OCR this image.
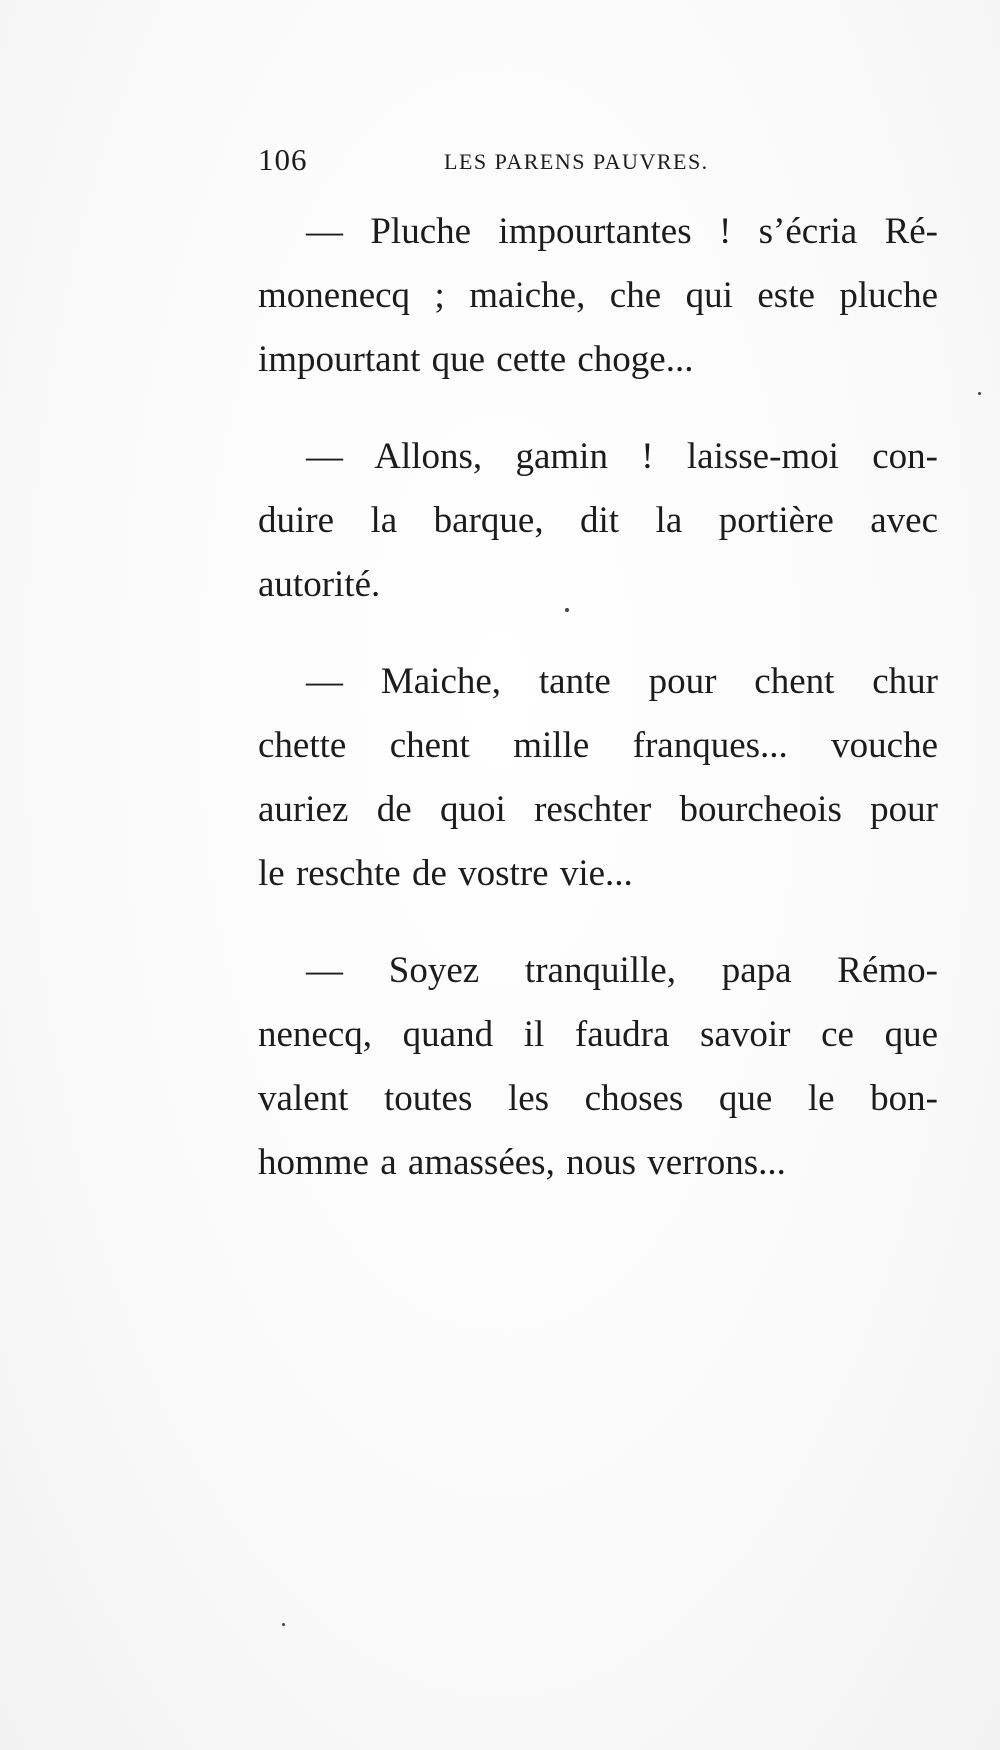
106	LES PARENS PAUVRES.

— Pluche impourtantes ! s’écria Ré-
monenecq ; maiche, che qui este pluche
impourtant que cette choge...

— Allons, gamin ! laisse-moi con-
duire la barque, dit la portière avec
autorité.

— Maiche, tante pour chent chur
chette chent mille franques... vouche
auriez de quoi reschter bourcheois pour
le reschte de vostre vie...

— Soyez tranquille, papa Rémo-
nenecq, quand il faudra savoir ce que
valent toutes les choses que le bon-
homme a amassées, nous verrons...
